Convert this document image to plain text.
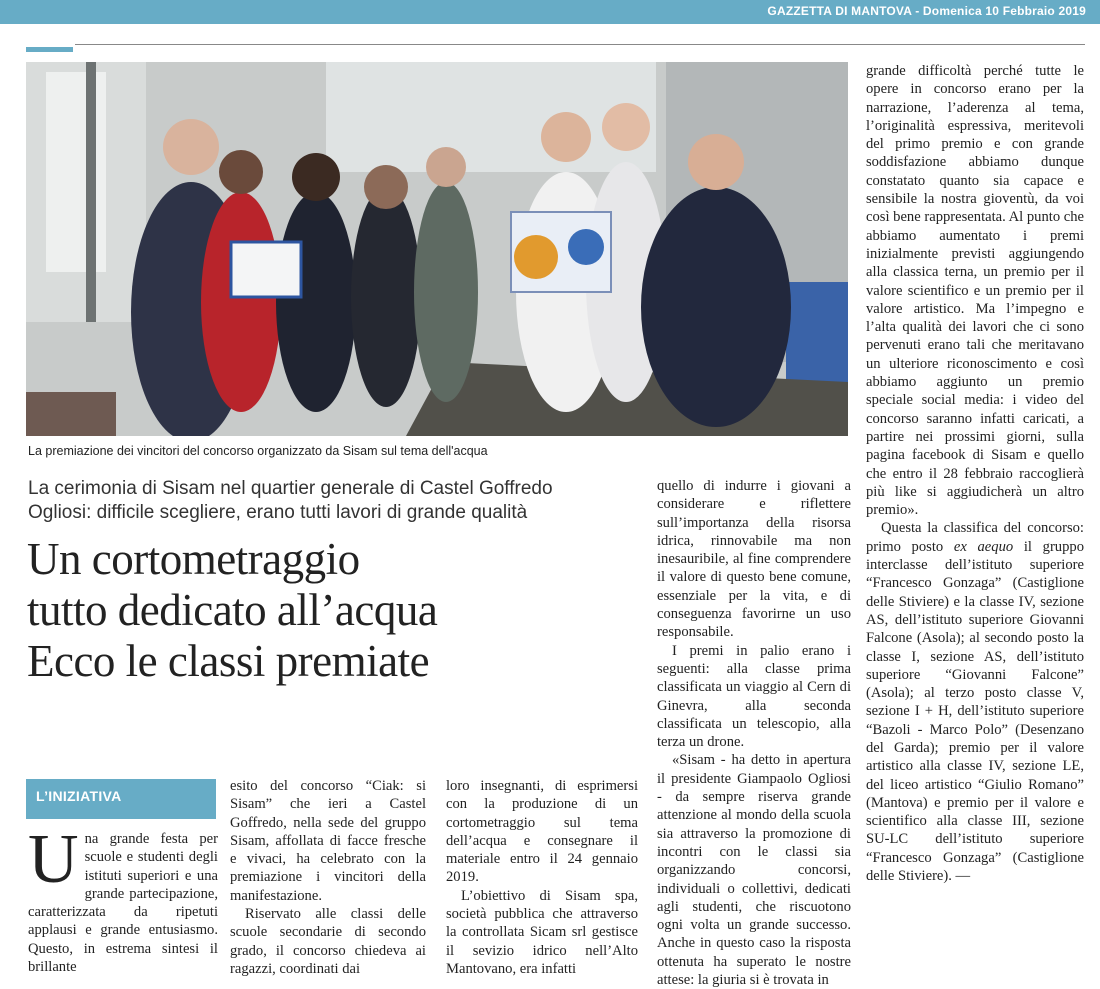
GAZZETTA DI MANTOVA - Domenica 10 Febbraio 2019
La premiazione dei vincitori del concorso organizzato da Sisam sul tema dell'acqua
La cerimonia di Sisam nel quartier generale di Castel Goffredo
Ogliosi: difficile scegliere, erano tutti lavori di grande qualità
Un cortometraggio
tutto dedicato all’acqua
Ecco le classi premiate
L’INIZIATIVA

Una grande festa per scuole e studenti degli istituti superiori e una grande partecipazione, caratterizzata da ripetuti applausi e grande entusiasmo. Questo, in estrema sintesi il brillante

esito del concorso “Ciak: si Sisam” che ieri a Castel Goffredo, nella sede del gruppo Sisam, affollata di facce fresche e vivaci, ha celebrato con la premiazione i vincitori della manifestazione.

Riservato alle classi delle scuole secondarie di secondo grado, il concorso chiedeva ai ragazzi, coordinati dai

loro insegnanti, di esprimersi con la produzione di un cortometraggio sul tema dell’acqua e consegnare il materiale entro il 24 gennaio 2019.

L’obiettivo di Sisam spa, società pubblica che attraverso la controllata Sicam srl gestisce il sevizio idrico nell’Alto Mantovano, era infatti

quello di indurre i giovani a considerare e riflettere sull’importanza della risorsa idrica, rinnovabile ma non inesauribile, al fine comprendere il valore di questo bene comune, essenziale per la vita, e di conseguenza favorirne un uso responsabile.

I premi in palio erano i seguenti: alla classe prima classificata un viaggio al Cern di Ginevra, alla seconda classificata un telescopio, alla terza un drone.

«Sisam - ha detto in apertura il presidente Giampaolo Ogliosi - da sempre riserva grande attenzione al mondo della scuola sia attraverso la promozione di incontri con le classi sia organizzando concorsi, individuali o collettivi, dedicati agli studenti, che riscuotono ogni volta un grande successo. Anche in questo caso la risposta ottenuta ha superato le nostre attese: la giuria si è trovata in

grande difficoltà perché tutte le opere in concorso erano per la narrazione, l’aderenza al tema, l’originalità espressiva, meritevoli del primo premio e con grande soddisfazione abbiamo dunque constatato quanto sia capace e sensibile la nostra gioventù, da voi così bene rappresentata. Al punto che abbiamo aumentato i premi inizialmente previsti aggiungendo alla classica terna, un premio per il valore scientifico e un premio per il valore artistico. Ma l’impegno e l’alta qualità dei lavori che ci sono pervenuti erano tali che meritavano un ulteriore riconoscimento e così abbiamo aggiunto un premio speciale social media: i video del concorso saranno infatti caricati, a partire nei prossimi giorni, sulla pagina facebook di Sisam e quello che entro il 28 febbraio raccoglierà più like si aggiudicherà un altro premio».

Questa la classifica del concorso: primo posto ex aequo il gruppo interclasse dell’istituto superiore “Francesco Gonzaga” (Castiglione delle Stiviere) e la classe IV, sezione AS, dell’istituto superiore Giovanni Falcone (Asola); al secondo posto la classe I, sezione AS, dell’istituto superiore “Giovanni Falcone” (Asola); al terzo posto classe V, sezione I + H, dell’istituto superiore “Bazoli - Marco Polo” (Desenzano del Garda); premio per il valore artistico alla classe IV, sezione LE, del liceo artistico “Giulio Romano” (Mantova) e premio per il valore e scientifico alla classe III, sezione SU-LC dell’istituto superiore “Francesco Gonzaga” (Castiglione delle Stiviere). —
